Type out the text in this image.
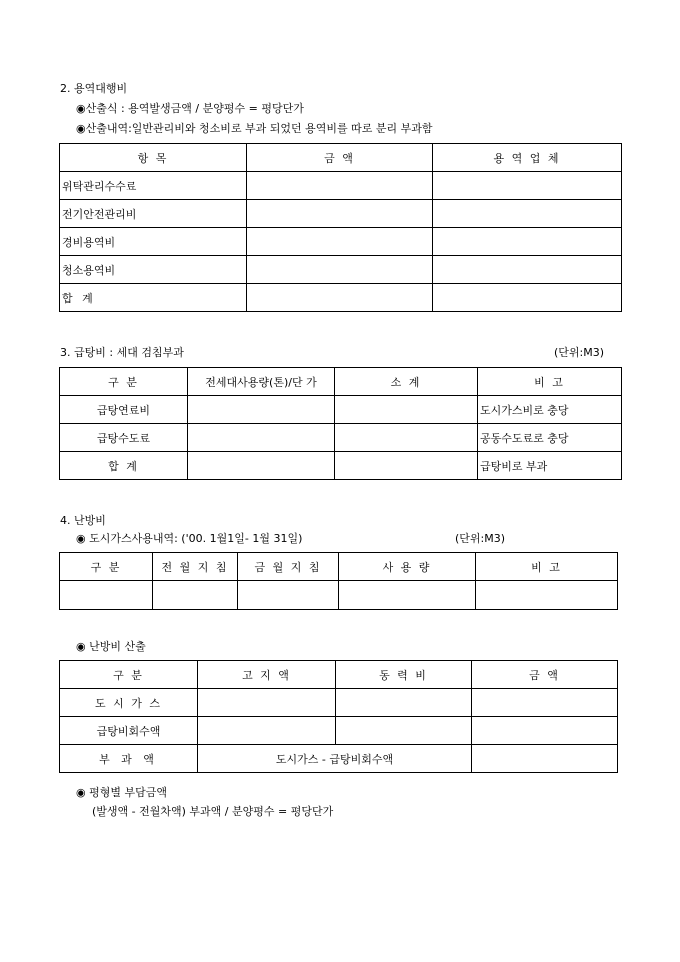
2. 용역대행비
◉산출식 : 용역발생금액 / 분양평수 = 평당단가
◉산출내역:일반관리비와 청소비로 부과 되었던 용역비를 따로 분리 부과함
항 목	금 액	용 역 업 체
위탁관리수수료		
전기안전관리비		
경비용역비		
청소용역비		
합 계		
3. 급탕비 : 세대 검침부과	(단위:M3)
구 분	전세대사용량(톤)/단 가	소 계	비 고
급탕연료비			도시가스비로 충당
급탕수도료			공동수도료로 충당
합 계			급탕비로 부과
4. 난방비
◉ 도시가스사용내역: ('00. 1월1일- 1월 31일)	(단위:M3)
구 분	전 월 지 침	금 월 지 침	사 용 량	비 고

◉ 난방비 산출
구 분	고 지 액	동 력 비	금 액
도 시 가 스			
급탕비회수액			
부 과 액	도시가스 - 급탕비회수액		
◉ 평형별 부담금액
(발생액 - 전월차액) 부과액 / 분양평수 = 평당단가
